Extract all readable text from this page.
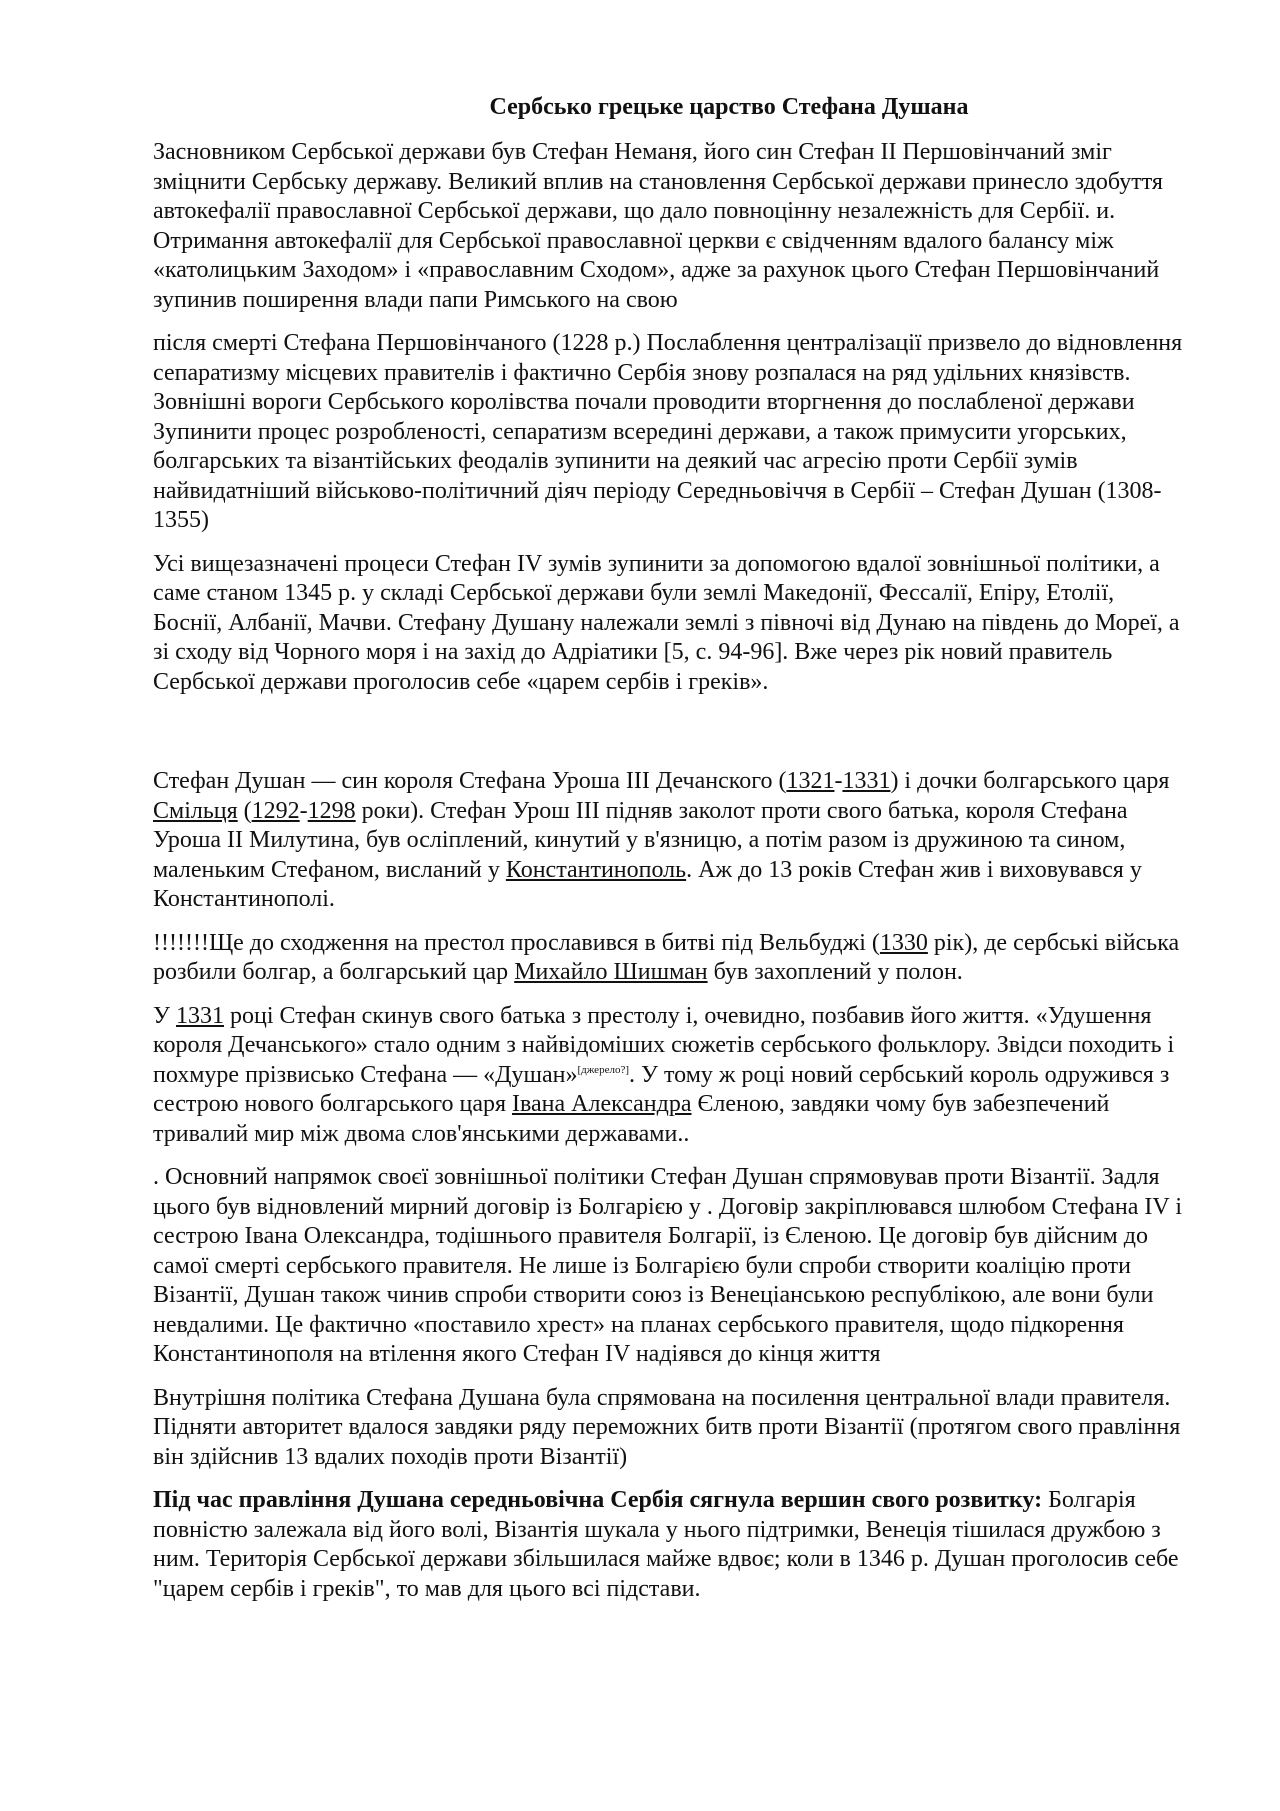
Сербсько грецьке царство Стефана Душана

Засновником Сербської держави був Стефан Неманя, його син Стефан ІІ Першовінчаний зміг зміцнити Сербську державу. Великий вплив на становлення Сербської держави принесло здобуття автокефалії православної Сербської держави, що дало повноцінну незалежність для Сербії. и. Отримання автокефалії для Сербської православної церкви є свідченням вдалого балансу між «католицьким Заходом» і «православним Сходом», адже за рахунок цього Стефан Першовінчаний зупинив поширення влади папи Римського на свою

після смерті Стефана Першовінчаного (1228 р.) Послаблення централізації призвело до відновлення сепаратизму місцевих правителів і фактично Сербія знову розпалася на ряд удільних князівств. Зовнішні вороги Сербського королівства почали проводити вторгнення до послабленої держави Зупинити процес розробленості, сепаратизм всередині держави, а також примусити угорських, болгарських та візантійських феодалів зупинити на деякий час агресію проти Сербії зумів найвидатніший військово-політичний діяч періоду Середньовіччя в Сербії – Стефан Душан (1308-1355)

Усі вищезазначені процеси Стефан IV зумів зупинити за допомогою вдалої зовнішньої політики, а саме станом 1345 р. у складі Сербської держави були землі Македонії, Фессалії, Епіру, Етолії, Боснії, Албанії, Мачви. Стефану Душану належали землі з півночі від Дунаю на південь до Мореї, а зі сходу від Чорного моря і на захід до Адріатики [5, с. 94-96]. Вже через рік новий правитель Сербської держави проголосив себе «царем сербів і греків».

Стефан Душан — син короля Стефана Уроша III Дечанского (1321-1331) і дочки болгарського царя Смільця (1292-1298 роки). Стефан Урош III підняв заколот проти свого батька, короля Стефана Уроша II Милутина, був осліплений, кинутий у в'язницю, а потім разом із дружиною та сином, маленьким Стефаном, висланий у Константинополь. Аж до 13 років Стефан жив і виховувався у Константинополі.

!!!!!!!Ще до сходження на престол прославився в битві під Вельбуджі (1330 рік), де сербські війська розбили болгар, а болгарський цар Михайло Шишман був захоплений у полон.

У 1331 році Стефан скинув свого батька з престолу і, очевидно, позбавив його життя. «Удушення короля Дечанського» стало одним з найвідоміших сюжетів сербського фольклору. Звідси походить і похмуре прізвисько Стефана — «Душан»[джерело?]. У тому ж році новий сербський король одружився з сестрою нового болгарського царя Івана Александра Єленою, завдяки чому був забезпечений тривалий мир між двома слов'янськими державами..

. Основний напрямок своєї зовнішньої політики Стефан Душан спрямовував проти Візантії. Задля цього був відновлений мирний договір із Болгарією у . Договір закріплювався шлюбом Стефана IV і сестрою Івана Олександра, тодішнього правителя Болгарії, із Єленою. Це договір був дійсним до самої смерті сербського правителя. Не лише із Болгарією були спроби створити коаліцію проти Візантії, Душан також чинив спроби створити союз із Венеціанською республікою, але вони були невдалими. Це фактично «поставило хрест» на планах сербського правителя, щодо підкорення Константинополя на втілення якого Стефан IV надіявся до кінця життя

Внутрішня політика Стефана Душана була спрямована на посилення центральної влади правителя. Підняти авторитет вдалося завдяки ряду переможних битв проти Візантії (протягом свого правління він здійснив 13 вдалих походів проти Візантії)

Під час правління Душана середньовічна Сербія сягнула вершин свого розвитку: Болгарія повністю залежала від його волі, Візантія шукала у нього підтримки, Венеція тішилася дружбою з ним. Територія Сербської держави збільшилася майже вдвоє; коли в 1346 р. Душан проголосив себе "царем сербів і греків", то мав для цього всі підстави.
